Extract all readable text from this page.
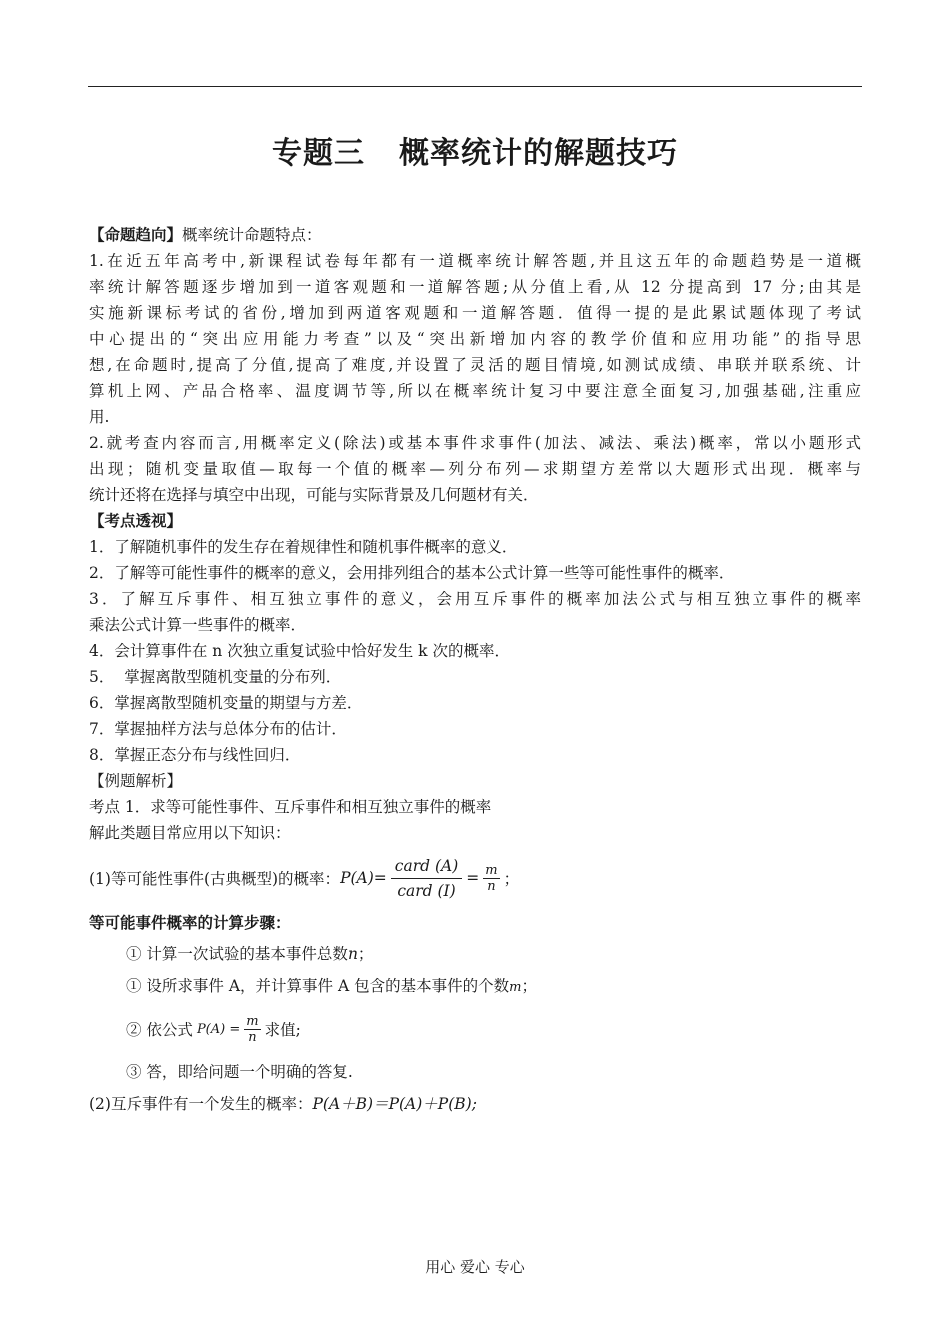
专题三 概率统计的解题技巧
【命题趋向】概率统计命题特点：
1.在近五年高考中,新课程试卷每年都有一道概率统计解答题,并且这五年的命题趋势是一道概
率统计解答题逐步增加到一道客观题和一道解答题;从分值上看,从 12 分提高到 17 分;由其是
实施新课标考试的省份,增加到两道客观题和一道解答题．值得一提的是此累试题体现了考试
中心提出的“突出应用能力考查”以及“突出新增加内容的教学价值和应用功能”的指导思
想,在命题时,提高了分值,提高了难度,并设置了灵活的题目情境,如测试成绩、串联并联系统、计
算机上网、产品合格率、温度调节等,所以在概率统计复习中要注意全面复习,加强基础,注重应
用.
2.就考查内容而言,用概率定义(除法)或基本事件求事件(加法、减法、乘法)概率，常以小题形式
出现；随机变量取值—取每一个值的概率—列分布列—求期望方差常以大题形式出现．概率与
统计还将在选择与填空中出现，可能与实际背景及几何题材有关．
【考点透视】
1．了解随机事件的发生存在着规律性和随机事件概率的意义．
2．了解等可能性事件的概率的意义，会用排列组合的基本公式计算一些等可能性事件的概率．
3．了解互斥事件、相互独立事件的意义，会用互斥事件的概率加法公式与相互独立事件的概率
乘法公式计算一些事件的概率．
4．会计算事件在 n 次独立重复试验中恰好发生 k 次的概率．
5．  掌握离散型随机变量的分布列．
6．掌握离散型随机变量的期望与方差．
7．掌握抽样方法与总体分布的估计．
8．掌握正态分布与线性回归．
【例题解析】
考点 1．求等可能性事件、互斥事件和相互独立事件的概率
解此类题目常应用以下知识：
(1)等可能性事件(古典概型)的概率： $P(A)= \frac{\text{card (A)}}{\text{card (I)}} = \frac{m}{n}$ ；
等可能事件概率的计算步骤：
① 计算一次试验的基本事件总数n；
① 设所求事件 A，并计算事件 A 包含的基本事件的个数m；
② 依公式 $P(A) = \frac{m}{n}$ 求值;
③ 答，即给问题一个明确的答复.
(2)互斥事件有一个发生的概率：P(A＋B)＝P(A)＋P(B);
用心 爱心 专心
